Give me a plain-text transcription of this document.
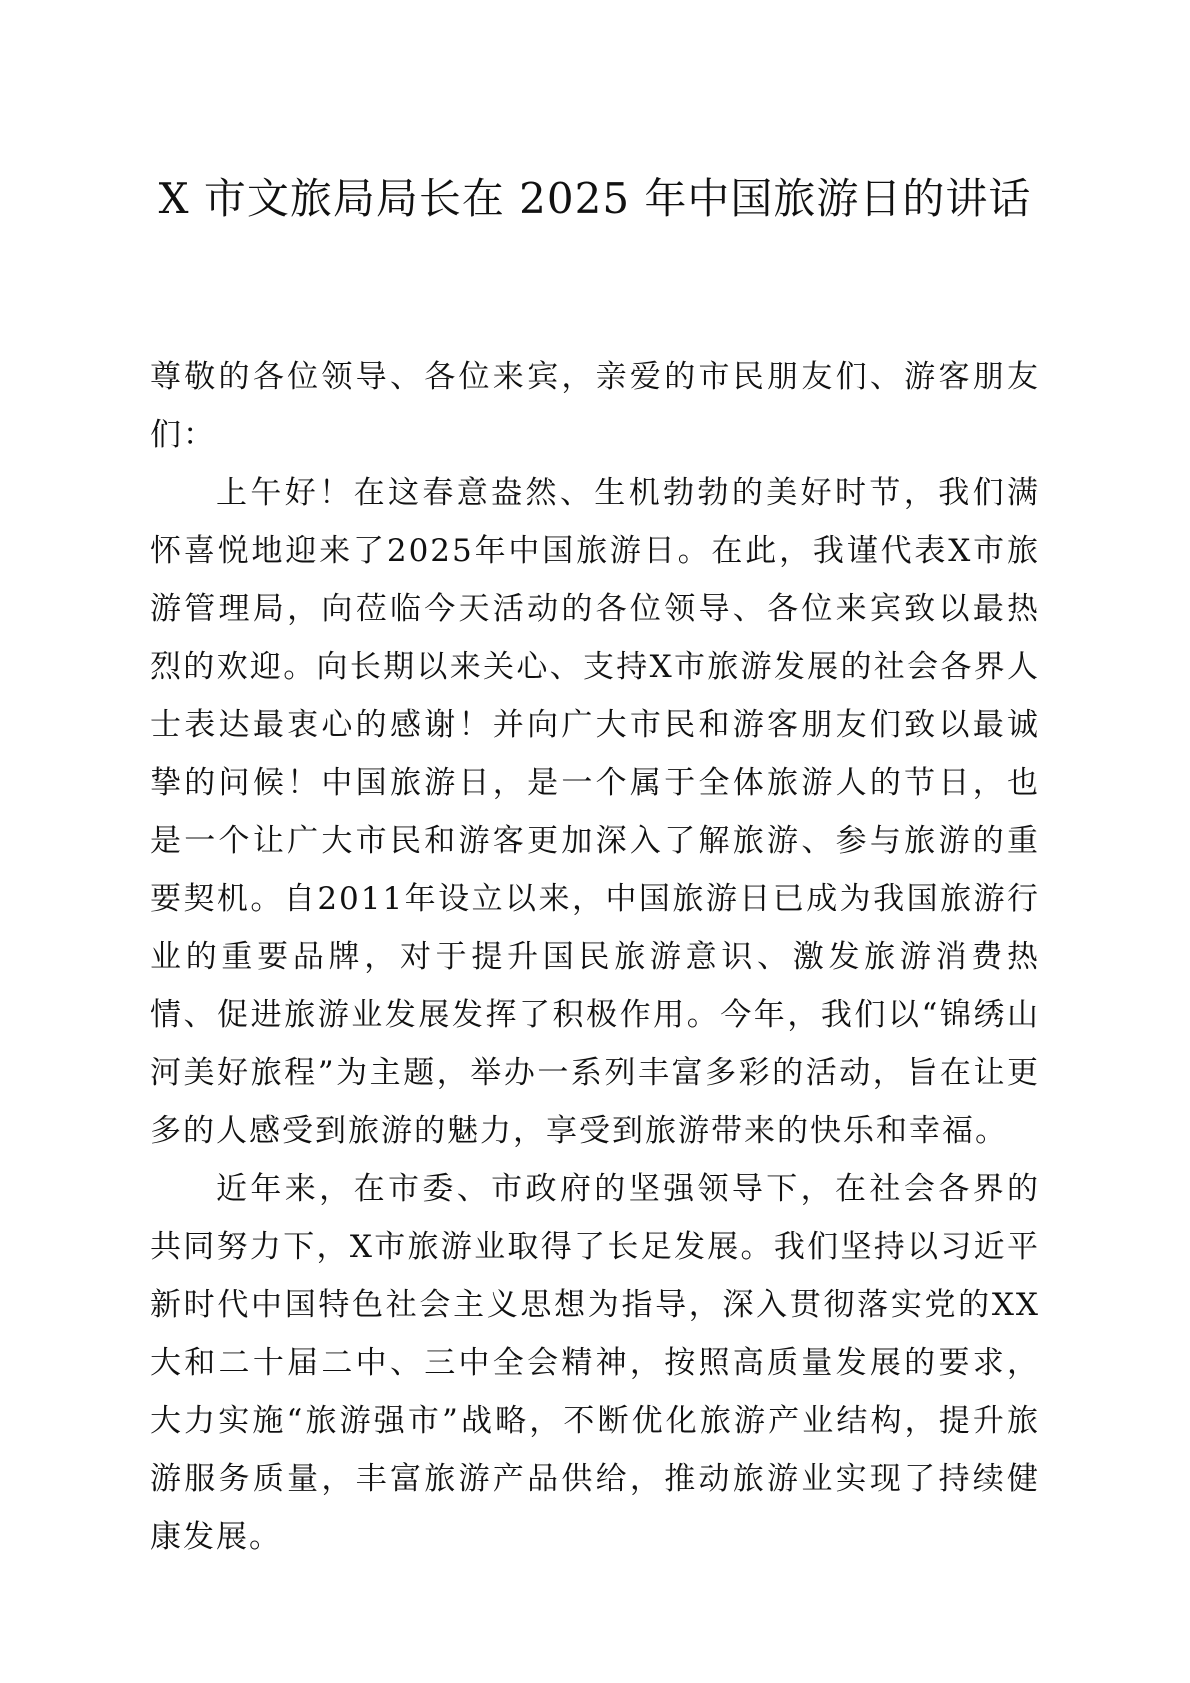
X 市文旅局局长在 2025 年中国旅游日的讲话

尊敬的各位领导、各位来宾，亲爱的市民朋友们、游客朋友们：

上午好！在这春意盎然、生机勃勃的美好时节，我们满怀喜悦地迎来了2025年中国旅游日。在此，我谨代表X市旅游管理局，向莅临今天活动的各位领导、各位来宾致以最热烈的欢迎。向长期以来关心、支持X市旅游发展的社会各界人士表达最衷心的感谢！并向广大市民和游客朋友们致以最诚挚的问候！中国旅游日，是一个属于全体旅游人的节日，也是一个让广大市民和游客更加深入了解旅游、参与旅游的重要契机。自2011年设立以来，中国旅游日已成为我国旅游行业的重要品牌，对于提升国民旅游意识、激发旅游消费热情、促进旅游业发展发挥了积极作用。今年，我们以“锦绣山河美好旅程”为主题，举办一系列丰富多彩的活动，旨在让更多的人感受到旅游的魅力，享受到旅游带来的快乐和幸福。

近年来，在市委、市政府的坚强领导下，在社会各界的共同努力下，X市旅游业取得了长足发展。我们坚持以习近平新时代中国特色社会主义思想为指导，深入贯彻落实党的XX大和二十届二中、三中全会精神，按照高质量发展的要求，大力实施“旅游强市”战略，不断优化旅游产业结构，提升旅游服务质量，丰富旅游产品供给，推动旅游业实现了持续健康发展。
